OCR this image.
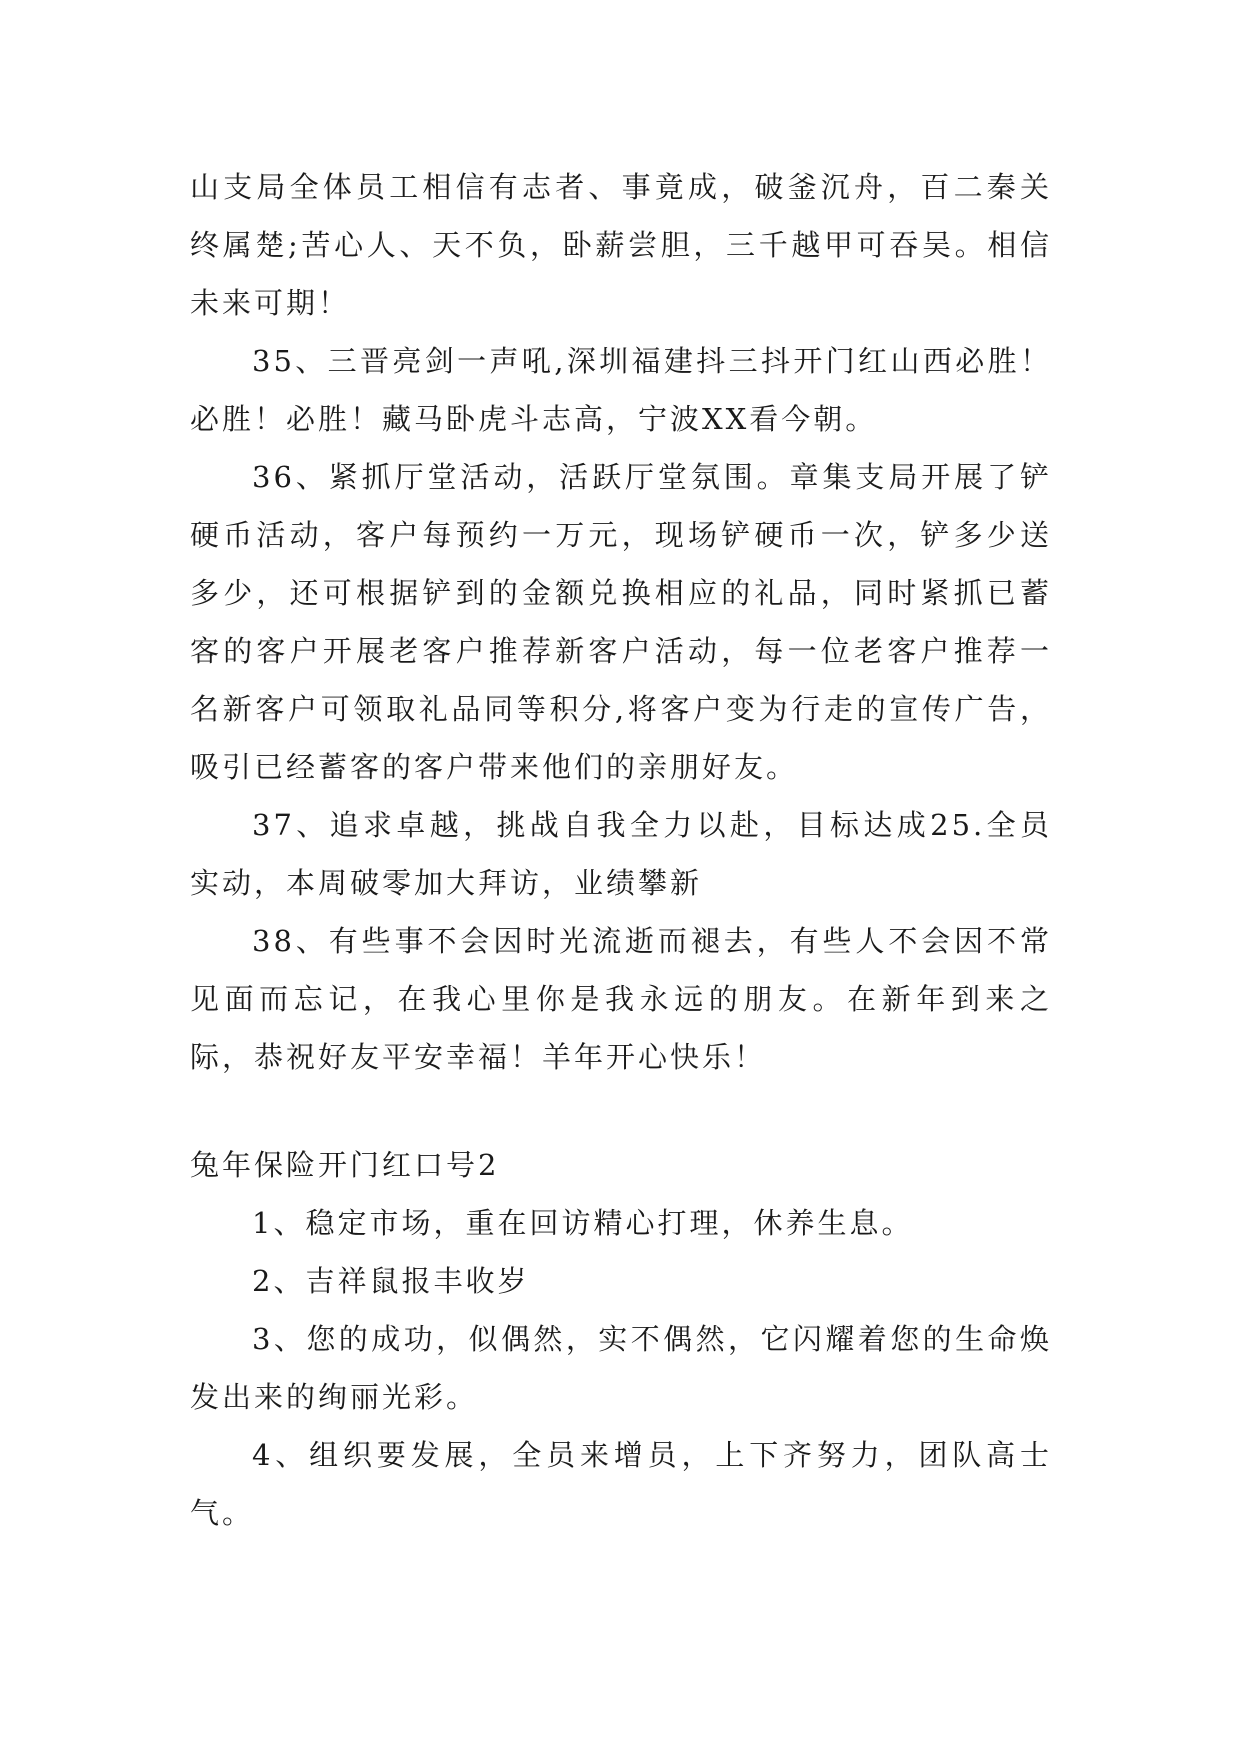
山支局全体员工相信有志者、事竟成，破釜沉舟，百二秦关终属楚;苦心人、天不负，卧薪尝胆，三千越甲可吞吴。相信未来可期！

35、三晋亮剑一声吼,深圳福建抖三抖开门红山西必胜！必胜！必胜！藏马卧虎斗志高，宁波XX看今朝。

36、紧抓厅堂活动，活跃厅堂氛围。章集支局开展了铲硬币活动，客户每预约一万元，现场铲硬币一次，铲多少送多少，还可根据铲到的金额兑换相应的礼品，同时紧抓已蓄客的客户开展老客户推荐新客户活动，每一位老客户推荐一名新客户可领取礼品同等积分,将客户变为行走的宣传广告，吸引已经蓄客的客户带来他们的亲朋好友。

37、追求卓越，挑战自我全力以赴，目标达成25.全员实动，本周破零加大拜访，业绩攀新

38、有些事不会因时光流逝而褪去，有些人不会因不常见面而忘记，在我心里你是我永远的朋友。在新年到来之际，恭祝好友平安幸福！羊年开心快乐！

兔年保险开门红口号2

1、稳定市场，重在回访精心打理，休养生息。

2、吉祥鼠报丰收岁

3、您的成功，似偶然，实不偶然，它闪耀着您的生命焕发出来的绚丽光彩。

4、组织要发展，全员来增员，上下齐努力，团队高士气。
